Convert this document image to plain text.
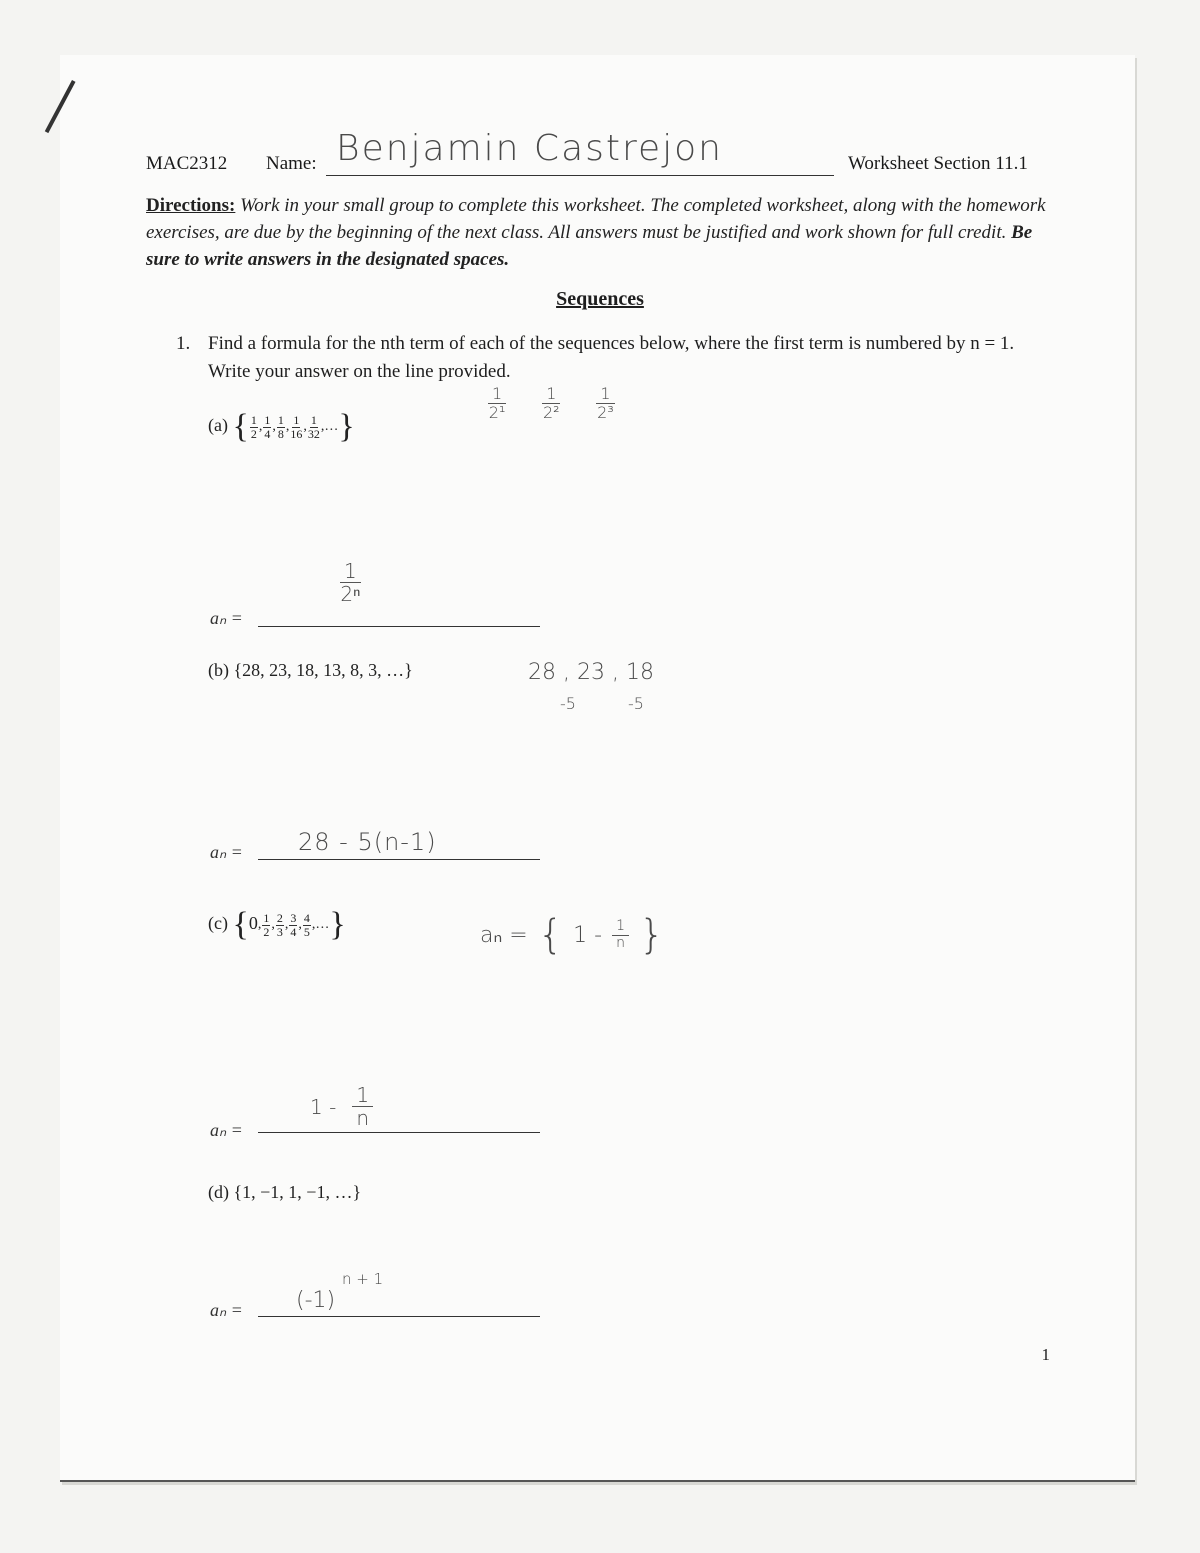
MAC2312 Name: Benjamin Castrejon	Worksheet Section 11.1
Directions: Work in your small group to complete this worksheet. The completed worksheet, along with the homework exercises, are due by the beginning of the next class. All answers must be justified and work shown for full credit. Be sure to write answers in the designated spaces.
Sequences
1. Find a formula for the nth term of each of the sequences below, where the first term is numbered by n = 1. Write your answer on the line provided.
(a) { $\frac{1}{2}$ , $\frac{1}{4}$ , $\frac{1}{8}$ , $\frac{1}{16}$ , $\frac{1}{32}$ ,…}
$\frac{1}{\text{2¹}} \frac{1}{\text{2²}} \frac{1}{\text{2³}}$
$\frac{1}{\text{2ⁿ}}$
aₙ =
(b) {28, 23, 18, 13, 8, 3, …}	28 , 23 , 18
-5	-5
28 - 5(n-1)
aₙ =
(c) {0, $\frac{1}{2}$ , $\frac{2}{3}$ , $\frac{3}{4}$ , $\frac{4}{5}$ ,…}	aₙ = { $1 - \frac{1}{n}$ }
$1 - \frac{1}{n}$
aₙ =
(d) {1, −1, 1, −1, …}
(-1)
n + 1
aₙ =
1
